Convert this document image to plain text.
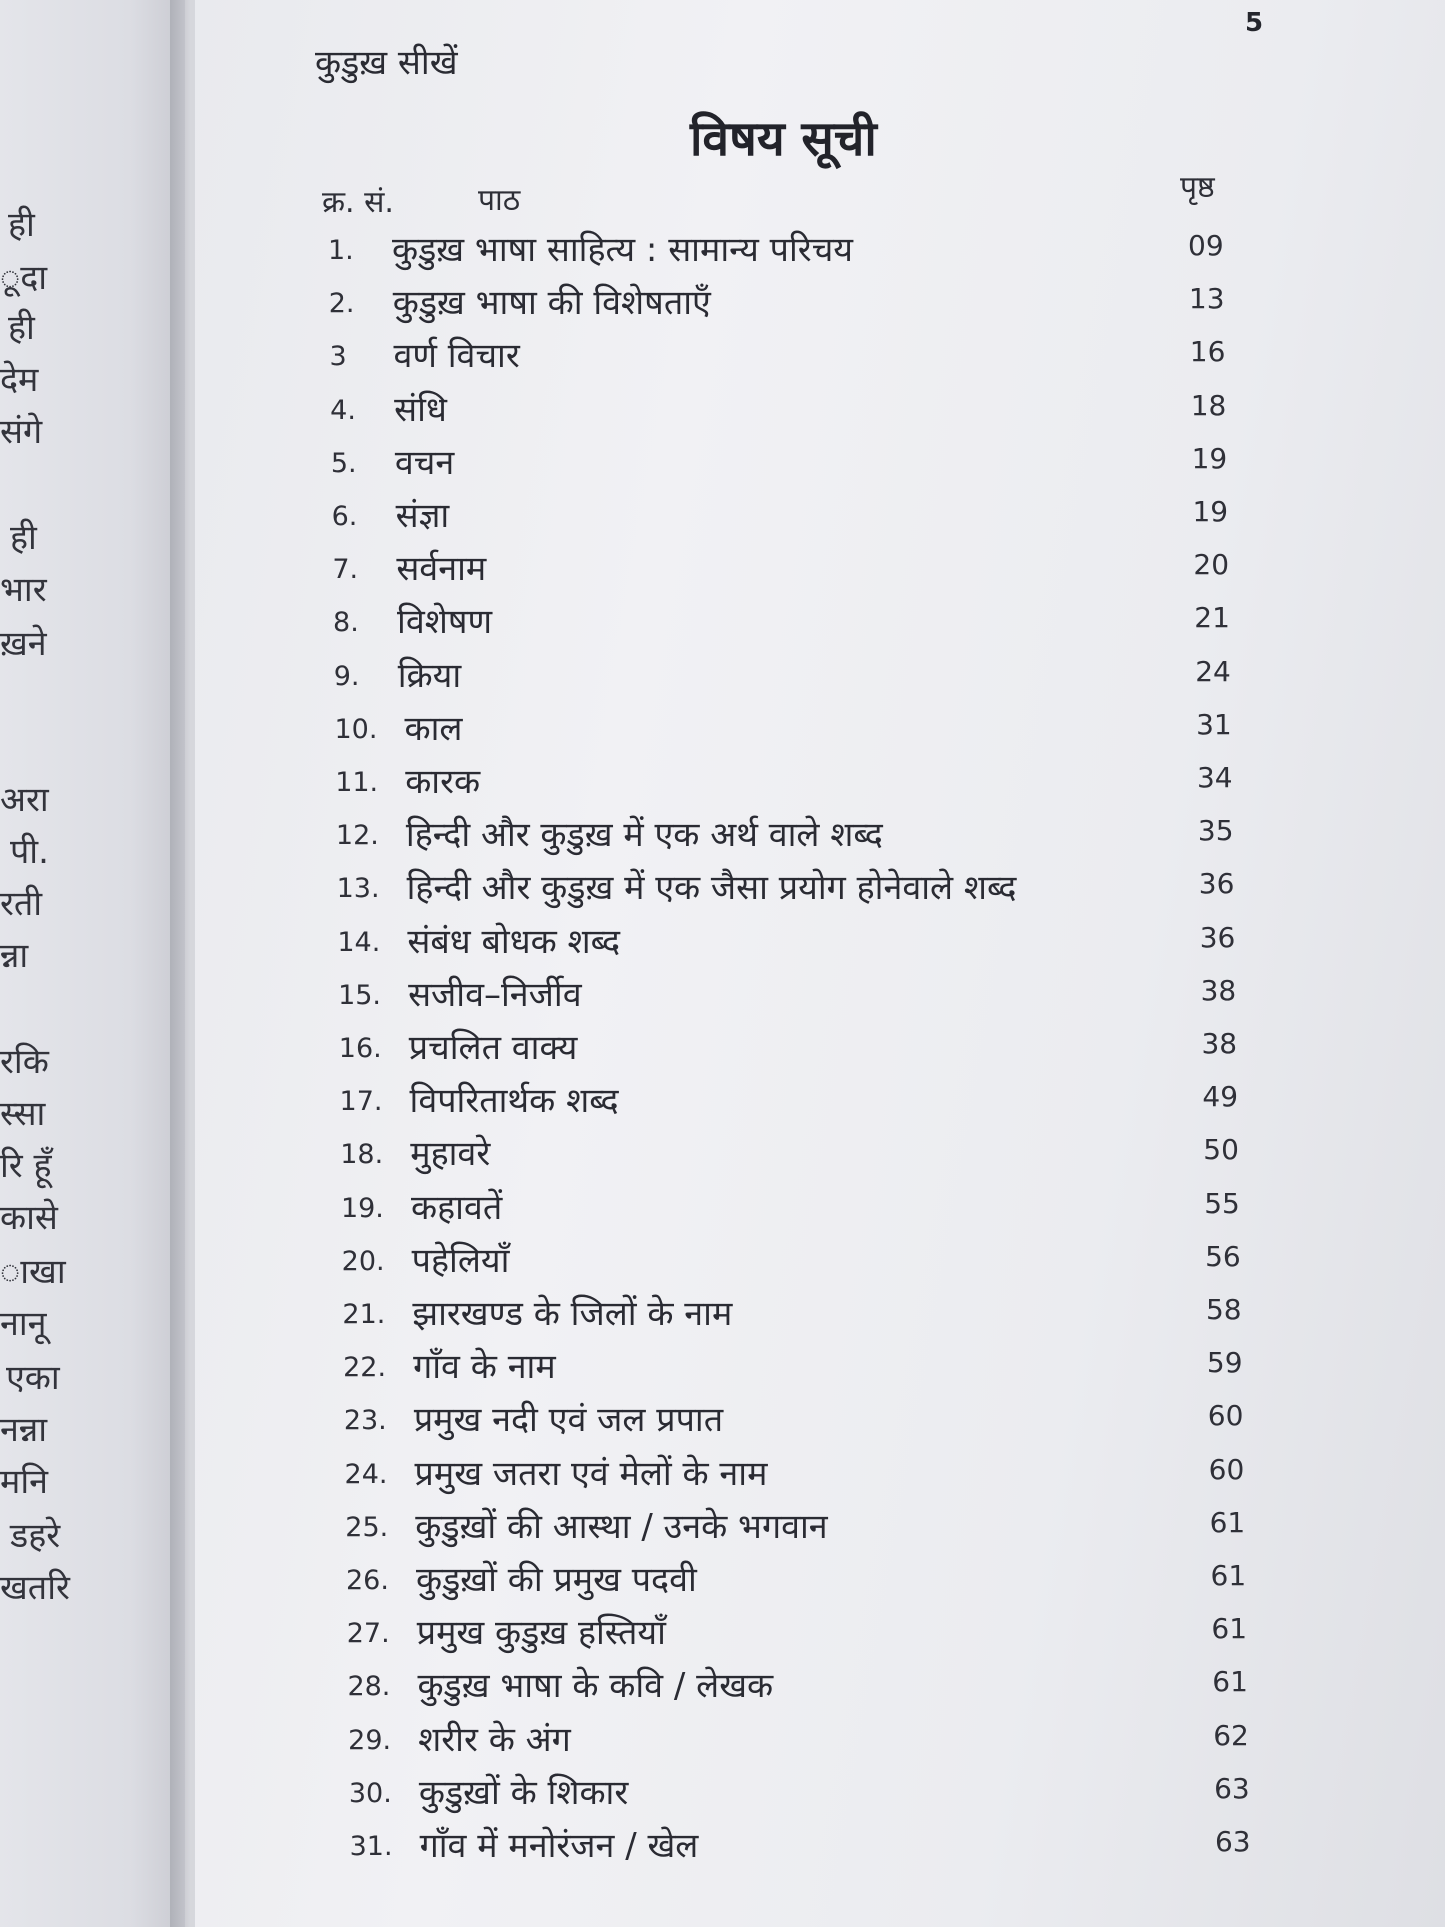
ही
ूदा
ही
देम
संगे
ही
भार
ख़ने
अरा
पी.
रती
न्ना
रकि
स्सा
रि हूँ
कासे
ाखा
नानू
एका
नन्ना
मनि
डहरे
खतरि
5
कुडुख़ सीखें
विषय सूची
क्र. सं.	पाठ	पृष्ठ
1. कुडुख़ भाषा साहित्य : सामान्य परिचय	09
2. कुडुख़ भाषा की विशेषताएँ	13
3 वर्ण विचार	16
4. संधि	18
5. वचन	19
6. संज्ञा	19
7. सर्वनाम	20
8. विशेषण	21
9. क्रिया	24
10. काल	31
11. कारक	34
12. हिन्दी और कुडुख़ में एक अर्थ वाले शब्द	35
13. हिन्दी और कुडुख़ में एक जैसा प्रयोग होनेवाले शब्द	36
14. संबंध बोधक शब्द	36
15. सजीव–निर्जीव	38
16. प्रचलित वाक्य	38
17. विपरितार्थक शब्द	49
18. मुहावरे	50
19. कहावतें	55
20. पहेलियाँ	56
21. झारखण्ड के जिलों के नाम	58
22. गाँव के नाम	59
23. प्रमुख नदी एवं जल प्रपात	60
24. प्रमुख जतरा एवं मेलों के नाम	60
25. कुडुख़ों की आस्था / उनके भगवान	61
26. कुडुख़ों की प्रमुख पदवी	61
27. प्रमुख कुडुख़ हस्तियाँ	61
28. कुडुख़ भाषा के कवि / लेखक	61
29. शरीर के अंग	62
30. कुडुख़ों के शिकार	63
31. गाँव में मनोरंजन / खेल	63
